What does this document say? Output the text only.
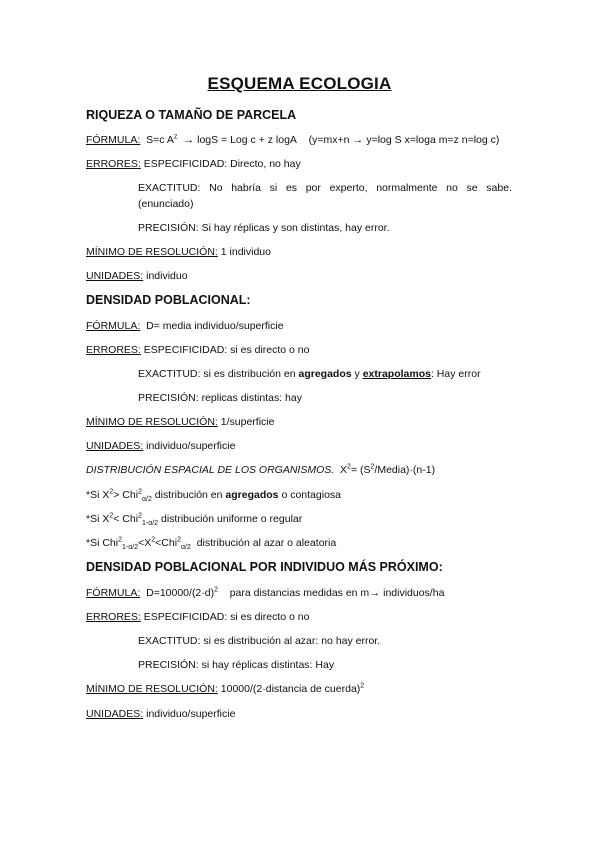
ESQUEMA ECOLOGIA
RIQUEZA O TAMAÑO DE PARCELA
FÓRMULA: S=c $A^z \to \log S$ = Log c + z logA (y=mx+n → y=log S x=loga m=z n=log c)
ERRORES: ESPECIFICIDAD: Directo, no hay
EXACTITUD: No habría si es por experto, normalmente no se sabe. (enunciado)
PRECISIÓN: Si hay réplicas y son distintas, hay error.
MÍNIMO DE RESOLUCIÓN: 1 individuo
UNIDADES: individuo
DENSIDAD POBLACIONAL:
FÓRMULA: D= media individuo/superficie
ERRORES: ESPECIFICIDAD: si es directo o no
EXACTITUD: si es distribución en agregados y extrapolamos: Hay error
PRECISIÓN: replicas distintas: hay
MÍNIMO DE RESOLUCIÓN: 1/superficie
UNIDADES: individuo/superficie
DISTRIBUCIÓN ESPACIAL DE LOS ORGANISMOS. $X^2=$ $(S^2/Media)\cdot(n-1)$
*Si $X^2> Chi^2_{\alpha/2}$ distribución en agregados o contagiosa
*Si $X^2< Chi^2_{1-\alpha/2}$ distribución uniforme o regular
*Si $Chi^2_{1-\alpha/2}<X^2<Chi^2_{\alpha/2}$ distribución al azar o aleatoria
DENSIDAD POBLACIONAL POR INDIVIDUO MÁS PRÓXIMO:
FÓRMULA: $D=10000/(2\cdot d)^2$ para distancias medidas en m→ individuos/ha
ERRORES: ESPECIFICIDAD: si es directo o no
EXACTITUD: si es distribución al azar: no hay error.
PRECISIÓN: si hay réplicas distintas: Hay
MÍNIMO DE RESOLUCIÓN: 10000/(2·distancia de cuerda)$^2$
UNIDADES: individuo/superficie
